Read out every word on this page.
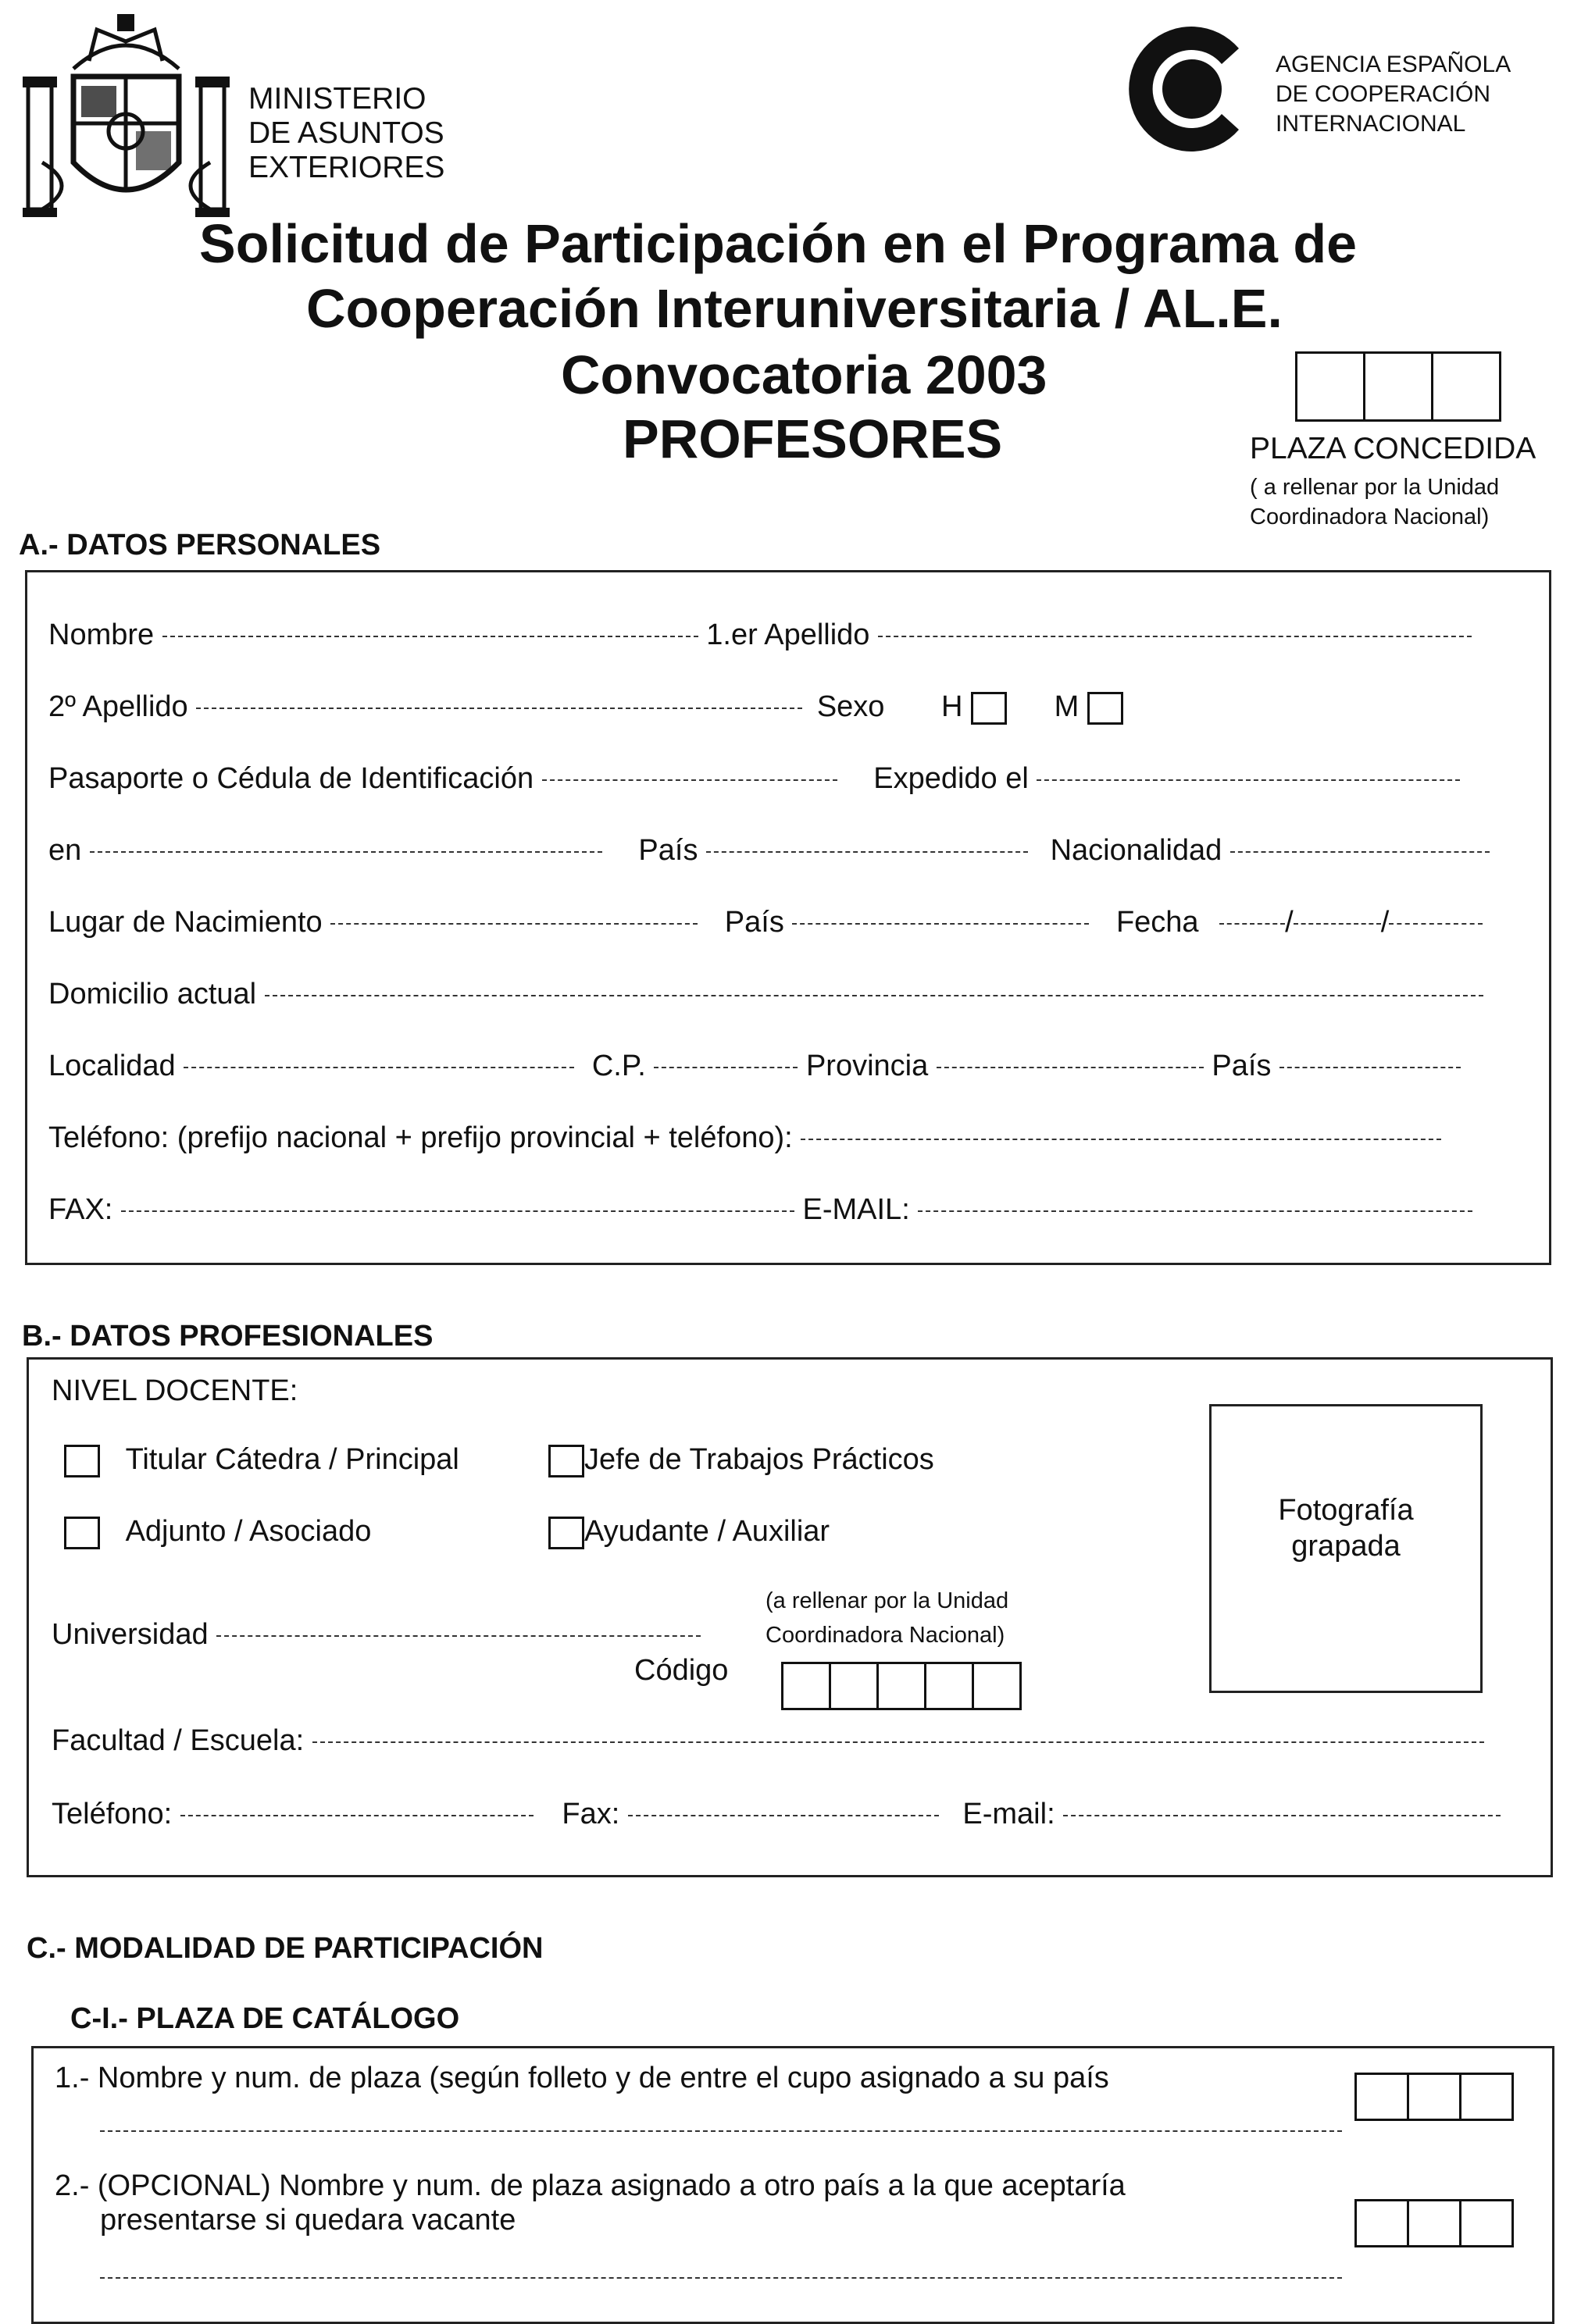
MINISTERIO
DE ASUNTOS
EXTERIORES
AGENCIA ESPAÑOLA
DE COOPERACIÓN
INTERNACIONAL
Solicitud de Participación en el Programa de
Cooperación Interuniversitaria / AL.E.
Convocatoria 2003
PROFESORES	PLAZA CONCEDIDA
( a rellenar por la Unidad
Coordinadora Nacional)
A.- DATOS PERSONALES
Nombre	1.er Apellido
2º Apellido	Sexo H	M
Pasaporte o Cédula de Identificación	Expedido el
en	País	Nacionalidad
Lugar de Nacimiento	País	Fecha	/	/
Domicilio actual
Localidad	C.P.	Provincia	País
Teléfono: (prefijo nacional + prefijo provincial + teléfono):
FAX:	E-MAIL:
B.- DATOS PROFESIONALES
NIVEL DOCENTE:
Titular Cátedra / Principal	Jefe de Trabajos Prácticos
Adjunto / Asociado	Ayudante / Auxiliar
Fotografía
grapada
Universidad
(a rellenar por la Unidad
Coordinadora Nacional)
Código
Facultad / Escuela:
Teléfono:	Fax:	E-mail:
C.- MODALIDAD DE PARTICIPACIÓN
C-I.- PLAZA DE CATÁLOGO
1.- Nombre y num. de plaza (según folleto y de entre el cupo asignado a su país
2.- (OPCIONAL) Nombre y num. de plaza asignado a otro país a la que aceptaría
presentarse si quedara vacante
